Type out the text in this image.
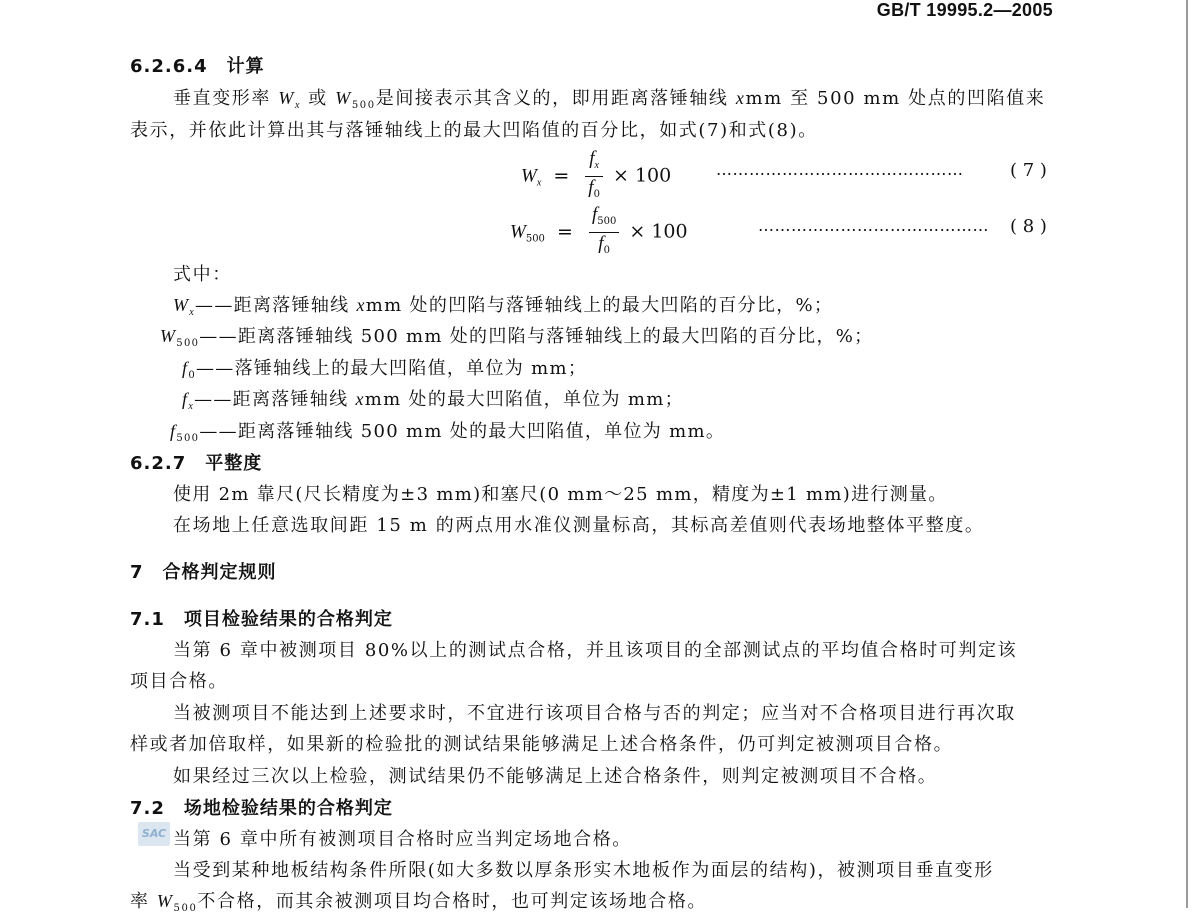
GB/T 19995.2—2005
6.2.6.4　计算
垂直变形率 $W_x$ 或 $W_{500}$是间接表示其含义的，即用距离落锤轴线 xmm 至 500 mm 处点的凹陷值来
表示，并依此计算出其与落锤轴线上的最大凹陷值的百分比，如式(7)和式(8)。
$W_x = \frac{f_x}{f_0} \times 100$	………………………………………	( 7 )
$W_{500} = \frac{f_{500}}{f_0} \times 100$	…………………………………… ( 8 )
式中：
$W_x——$距离落锤轴线 xmm 处的凹陷与落锤轴线上的最大凹陷的百分比，%；
$W_{500}——$距离落锤轴线 500 mm 处的凹陷与落锤轴线上的最大凹陷的百分比，%；
$f_0——$落锤轴线上的最大凹陷值，单位为 mm；
$f_x——$距离落锤轴线 xmm 处的最大凹陷值，单位为 mm；
$f_{500}——$距离落锤轴线 500 mm 处的最大凹陷值，单位为 mm。
6.2.7　平整度
使用 2m 靠尺(尺长精度为±3 mm)和塞尺(0 mm～25 mm，精度为±1 mm)进行测量。
在场地上任意选取间距 15 m 的两点用水准仪测量标高，其标高差值则代表场地整体平整度。
7　合格判定规则
7.1　项目检验结果的合格判定
当第 6 章中被测项目 80%以上的测试点合格，并且该项目的全部测试点的平均值合格时可判定该
项目合格。
当被测项目不能达到上述要求时，不宜进行该项目合格与否的判定；应当对不合格项目进行再次取
样或者加倍取样，如果新的检验批的测试结果能够满足上述合格条件，仍可判定被测项目合格。
如果经过三次以上检验，测试结果仍不能够满足上述合格条件，则判定被测项目不合格。
7.2　场地检验结果的合格判定
SAC 当第 6 章中所有被测项目合格时应当判定场地合格。
当受到某种地板结构条件所限(如大多数以厚条形实木地板作为面层的结构)，被测项目垂直变形
率 $W_{500}$不合格，而其余被测项目均合格时，也可判定该场地合格。
